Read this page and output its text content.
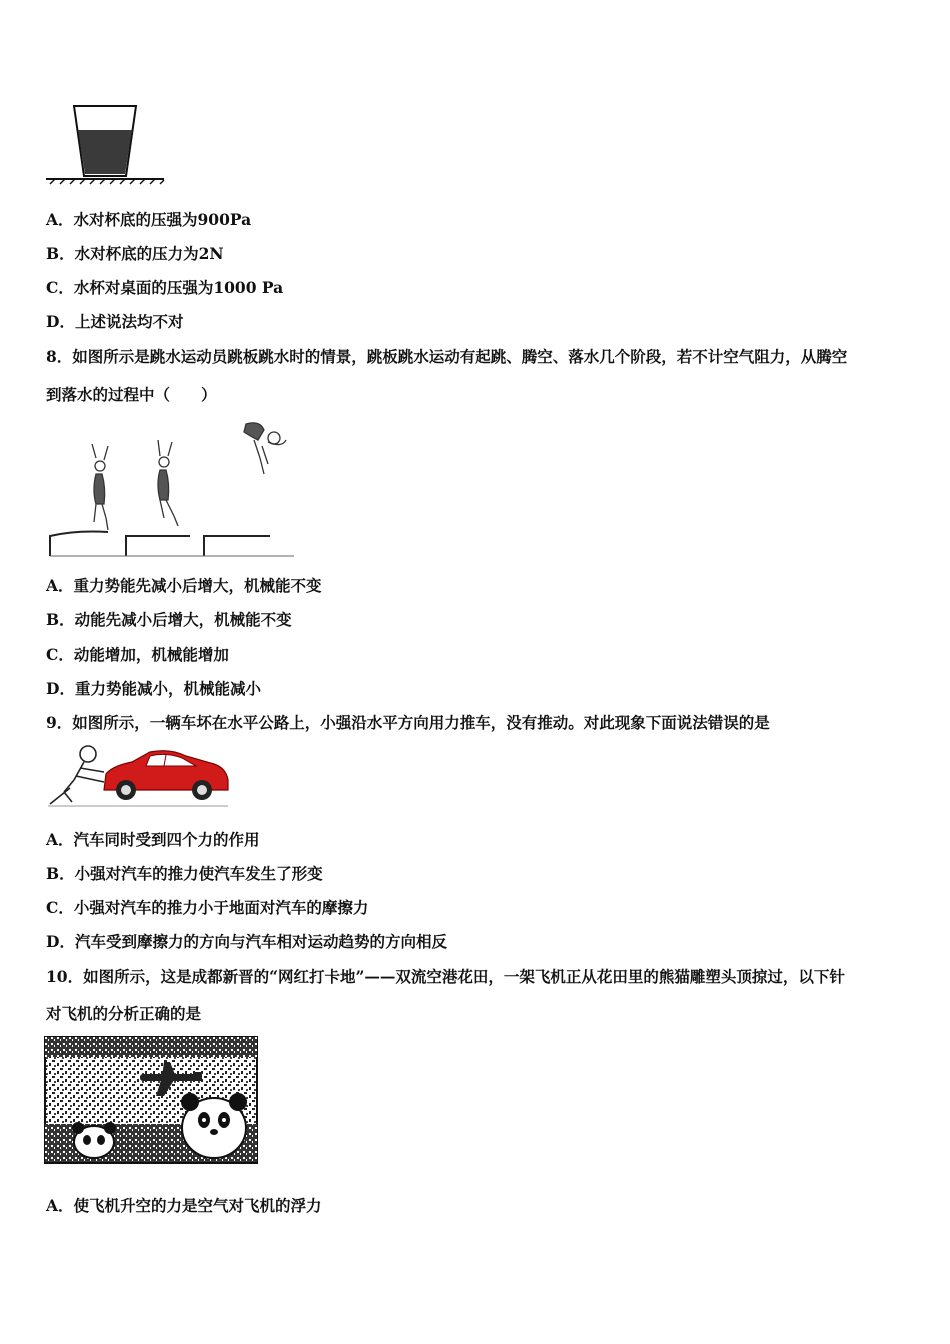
A．水对杯底的压强为900Pa
B．水对杯底的压力为2N
C．水杯对桌面的压强为1000 Pa
D．上述说法均不对
8．如图所示是跳水运动员跳板跳水时的情景，跳板跳水运动有起跳、腾空、落水几个阶段，若不计空气阻力，从腾空
到落水的过程中（　　）
A．重力势能先减小后增大，机械能不变
B．动能先减小后增大，机械能不变
C．动能增加，机械能增加
D．重力势能减小，机械能减小
9．如图所示，一辆车坏在水平公路上，小强沿水平方向用力推车，没有推动。对此现象下面说法错误的是
A．汽车同时受到四个力的作用
B．小强对汽车的推力使汽车发生了形变
C．小强对汽车的推力小于地面对汽车的摩擦力
D．汽车受到摩擦力的方向与汽车相对运动趋势的方向相反
10．如图所示，这是成都新晋的“网红打卡地”——双流空港花田，一架飞机正从花田里的熊猫雕塑头顶掠过，以下针
对飞机的分析正确的是
A．使飞机升空的力是空气对飞机的浮力
